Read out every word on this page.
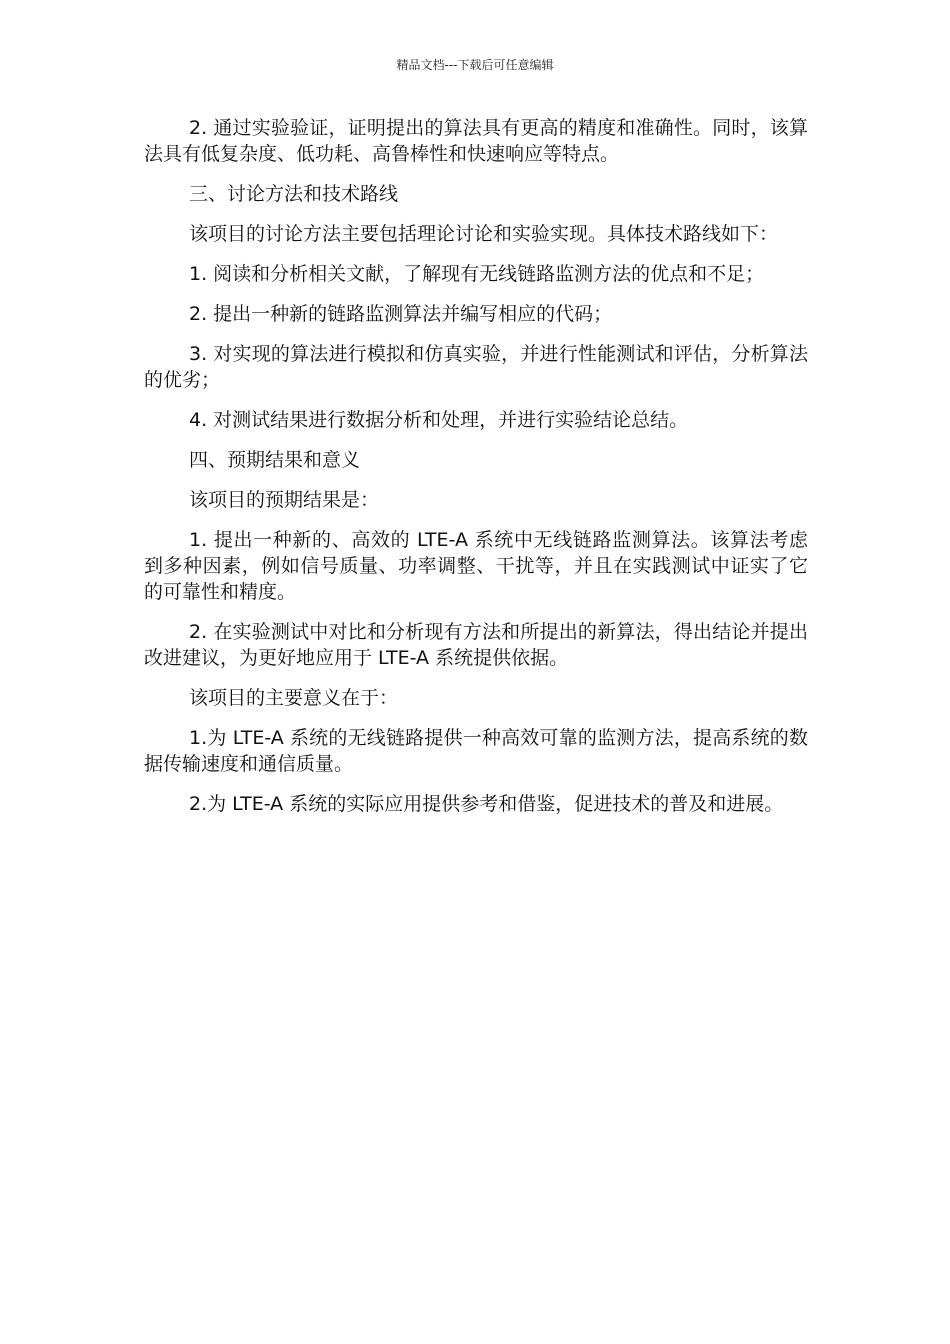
精品文档---下载后可任意编辑

2. 通过实验验证，证明提出的算法具有更高的精度和准确性。同时，该算法具有低复杂度、低功耗、高鲁棒性和快速响应等特点。

三、讨论方法和技术路线

该项目的讨论方法主要包括理论讨论和实验实现。具体技术路线如下：

1. 阅读和分析相关文献，了解现有无线链路监测方法的优点和不足；

2. 提出一种新的链路监测算法并编写相应的代码；

3. 对实现的算法进行模拟和仿真实验，并进行性能测试和评估，分析算法的优劣；

4. 对测试结果进行数据分析和处理，并进行实验结论总结。

四、预期结果和意义

该项目的预期结果是：

1. 提出一种新的、高效的 LTE-A 系统中无线链路监测算法。该算法考虑到多种因素，例如信号质量、功率调整、干扰等，并且在实践测试中证实了它的可靠性和精度。

2. 在实验测试中对比和分析现有方法和所提出的新算法，得出结论并提出改进建议，为更好地应用于 LTE-A 系统提供依据。

该项目的主要意义在于：

1.为 LTE-A 系统的无线链路提供一种高效可靠的监测方法，提高系统的数据传输速度和通信质量。

2.为 LTE-A 系统的实际应用提供参考和借鉴，促进技术的普及和进展。
